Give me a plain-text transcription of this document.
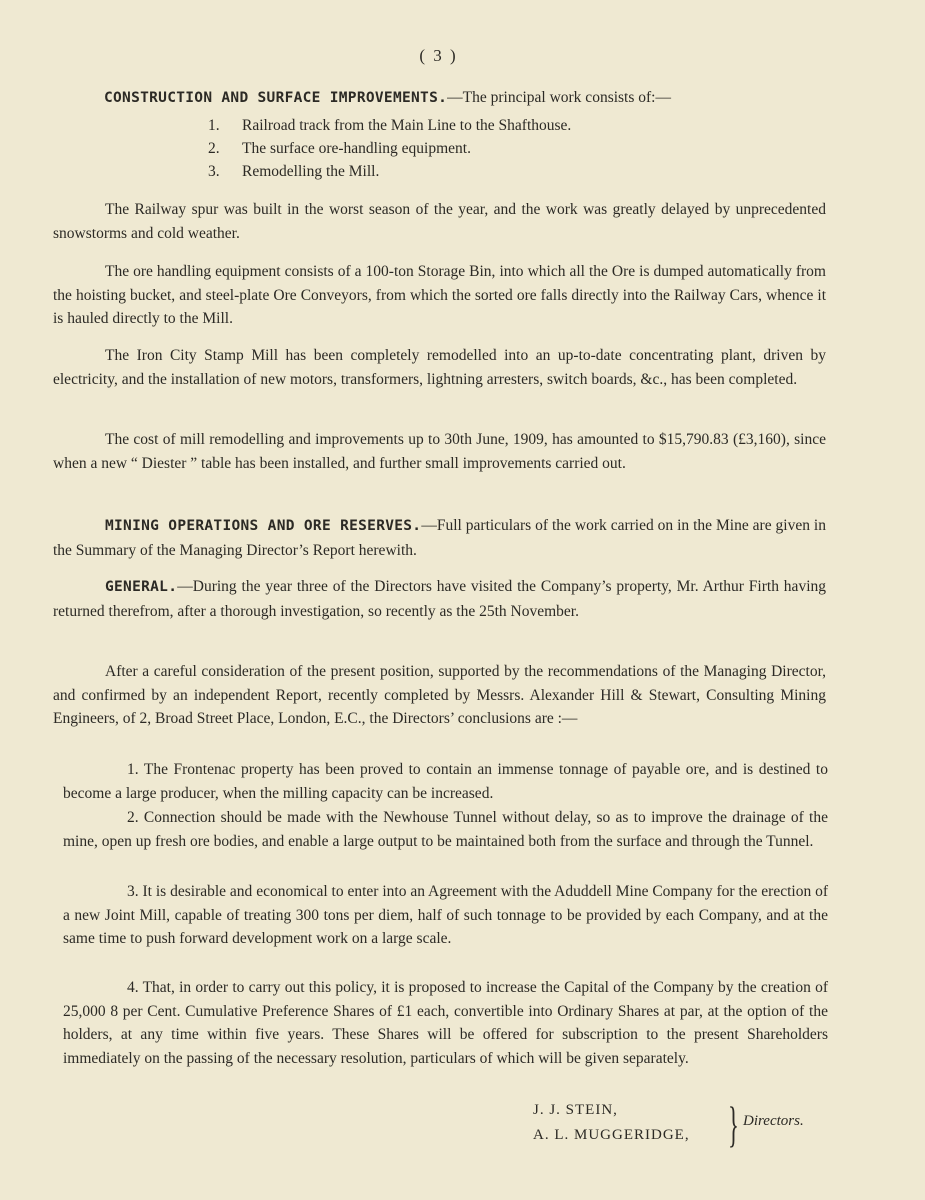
( 3 )
CONSTRUCTION AND SURFACE IMPROVEMENTS.—The principal work consists of:—
1.	Railroad track from the Main Line to the Shafthouse.
2.	The surface ore-handling equipment.
3.	Remodelling the Mill.

The Railway spur was built in the worst season of the year, and the work was greatly delayed by unprecedented snowstorms and cold weather.

The ore handling equipment consists of a 100-ton Storage Bin, into which all the Ore is dumped automatically from the hoisting bucket, and steel-plate Ore Conveyors, from which the sorted ore falls directly into the Railway Cars, whence it is hauled directly to the Mill.

The Iron City Stamp Mill has been completely remodelled into an up-to-date concentrating plant, driven by electricity, and the installation of new motors, transformers, lightning arresters, switch boards, &c., has been completed.

The cost of mill remodelling and improvements up to 30th June, 1909, has amounted to $15,790.83 (£3,160), since when a new “ Diester ” table has been installed, and further small improvements carried out.

MINING OPERATIONS AND ORE RESERVES.—Full particulars of the work carried on in the Mine are given in the Summary of the Managing Director’s Report herewith.

GENERAL.—During the year three of the Directors have visited the Company’s property, Mr. Arthur Firth having returned therefrom, after a thorough investigation, so recently as the 25th November.

After a careful consideration of the present position, supported by the recommendations of the Managing Director, and confirmed by an independent Report, recently completed by Messrs. Alexander Hill & Stewart, Consulting Mining Engineers, of 2, Broad Street Place, London, E.C., the Directors’ conclusions are :—

1. The Frontenac property has been proved to contain an immense tonnage of payable ore, and is destined to become a large producer, when the milling capacity can be increased.

2. Connection should be made with the Newhouse Tunnel without delay, so as to improve the drainage of the mine, open up fresh ore bodies, and enable a large output to be maintained both from the surface and through the Tunnel.

3. It is desirable and economical to enter into an Agreement with the Aduddell Mine Company for the erection of a new Joint Mill, capable of treating 300 tons per diem, half of such tonnage to be provided by each Company, and at the same time to push forward development work on a large scale.

4. That, in order to carry out this policy, it is proposed to increase the Capital of the Company by the creation of 25,000 8 per Cent. Cumulative Preference Shares of £1 each, convertible into Ordinary Shares at par, at the option of the holders, at any time within five years. These Shares will be offered for subscription to the present Shareholders immediately on the passing of the necessary resolution, particulars of which will be given separately.

J. J. STEIN,
A. L. MUGGERIDGE, } Directors.
